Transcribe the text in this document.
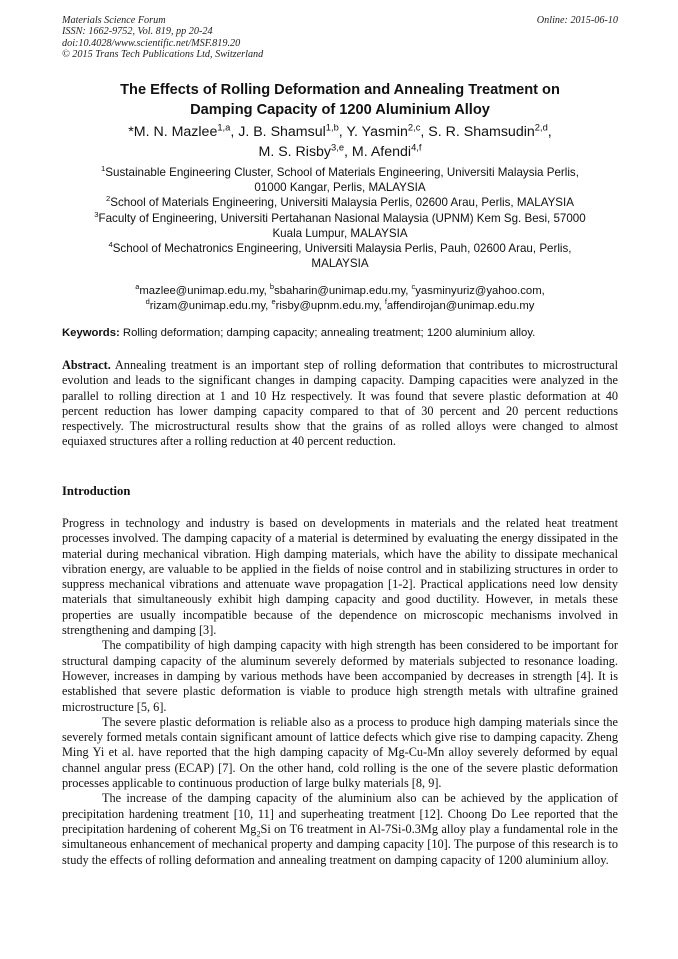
Materials Science Forum
ISSN: 1662-9752, Vol. 819, pp 20-24
doi:10.4028/www.scientific.net/MSF.819.20
© 2015 Trans Tech Publications Ltd, Switzerland
Online: 2015-06-10
The Effects of Rolling Deformation and Annealing Treatment on
Damping Capacity of 1200 Aluminium Alloy
*M. N. Mazlee$^{1,a}$, J. B. Shamsul$^{1,b}$, Y. Yasmin$^{2,c}$, S. R. Shamsudin$^{2,d}$,
M. S. Risby$^{3,e}$, M. Afendi$^{4,f}$
$^1$Sustainable Engineering Cluster, School of Materials Engineering, Universiti Malaysia Perlis,
01000 Kangar, Perlis, MALAYSIA
$^2$School of Materials Engineering, Universiti Malaysia Perlis, 02600 Arau, Perlis, MALAYSIA
$^3$Faculty of Engineering, Universiti Pertahanan Nasional Malaysia (UPNM) Kem Sg. Besi, 57000
Kuala Lumpur, MALAYSIA
$^4$School of Mechatronics Engineering, Universiti Malaysia Perlis, Pauh, 02600 Arau, Perlis,
MALAYSIA
$^a$mazlee@unimap.edu.my, $^b$sbaharin@unimap.edu.my, $^c$yasminyuriz@yahoo.com,
$^d$rizam@unimap.edu.my, $^e$risby@upnm.edu.my, $^f$affendirojan@unimap.edu.my
Keywords: Rolling deformation; damping capacity; annealing treatment; 1200 aluminium alloy.
Abstract. Annealing treatment is an important step of rolling deformation that contributes to microstructural evolution and leads to the significant changes in damping capacity. Damping capacities were analyzed in the parallel to rolling direction at 1 and 10 Hz respectively. It was found that severe plastic deformation at 40 percent reduction has lower damping capacity compared to that of 30 percent and 20 percent reductions respectively. The microstructural results show that the grains of as rolled alloys were changed to almost equiaxed structures after a rolling reduction at 40 percent reduction.
Introduction

Progress in technology and industry is based on developments in materials and the related heat treatment processes involved. The damping capacity of a material is determined by evaluating the energy dissipated in the material during mechanical vibration. High damping materials, which have the ability to dissipate mechanical vibration energy, are valuable to be applied in the fields of noise control and in stabilizing structures in order to suppress mechanical vibrations and attenuate wave propagation [1-2]. Practical applications need low density materials that simultaneously exhibit high damping capacity and good ductility. However, in metals these properties are usually incompatible because of the dependence on microscopic mechanisms involved in strengthening and damping [3].

The compatibility of high damping capacity with high strength has been considered to be important for structural damping capacity of the aluminum severely deformed by materials subjected to resonance loading. However, increases in damping by various methods have been accompanied by decreases in strength [4]. It is established that severe plastic deformation is viable to produce high strength metals with ultrafine grained microstructure [5, 6].

The severe plastic deformation is reliable also as a process to produce high damping materials since the severely formed metals contain significant amount of lattice defects which give rise to damping capacity. Zheng Ming Yi et al. have reported that the high damping capacity of Mg-Cu-Mn alloy severely deformed by equal channel angular press (ECAP) [7]. On the other hand, cold rolling is the one of the severe plastic deformation processes applicable to continuous production of large bulky materials [8, 9].

The increase of the damping capacity of the aluminium also can be achieved by the application of precipitation hardening treatment [10, 11] and superheating treatment [12]. Choong Do Lee reported that the precipitation hardening of coherent $Mg_2Si$ on T6 treatment in Al-7Si-0.3Mg alloy play a fundamental role in the simultaneous enhancement of mechanical property and damping capacity [10]. The purpose of this research is to study the effects of rolling deformation and annealing treatment on damping capacity of 1200 aluminium alloy.
